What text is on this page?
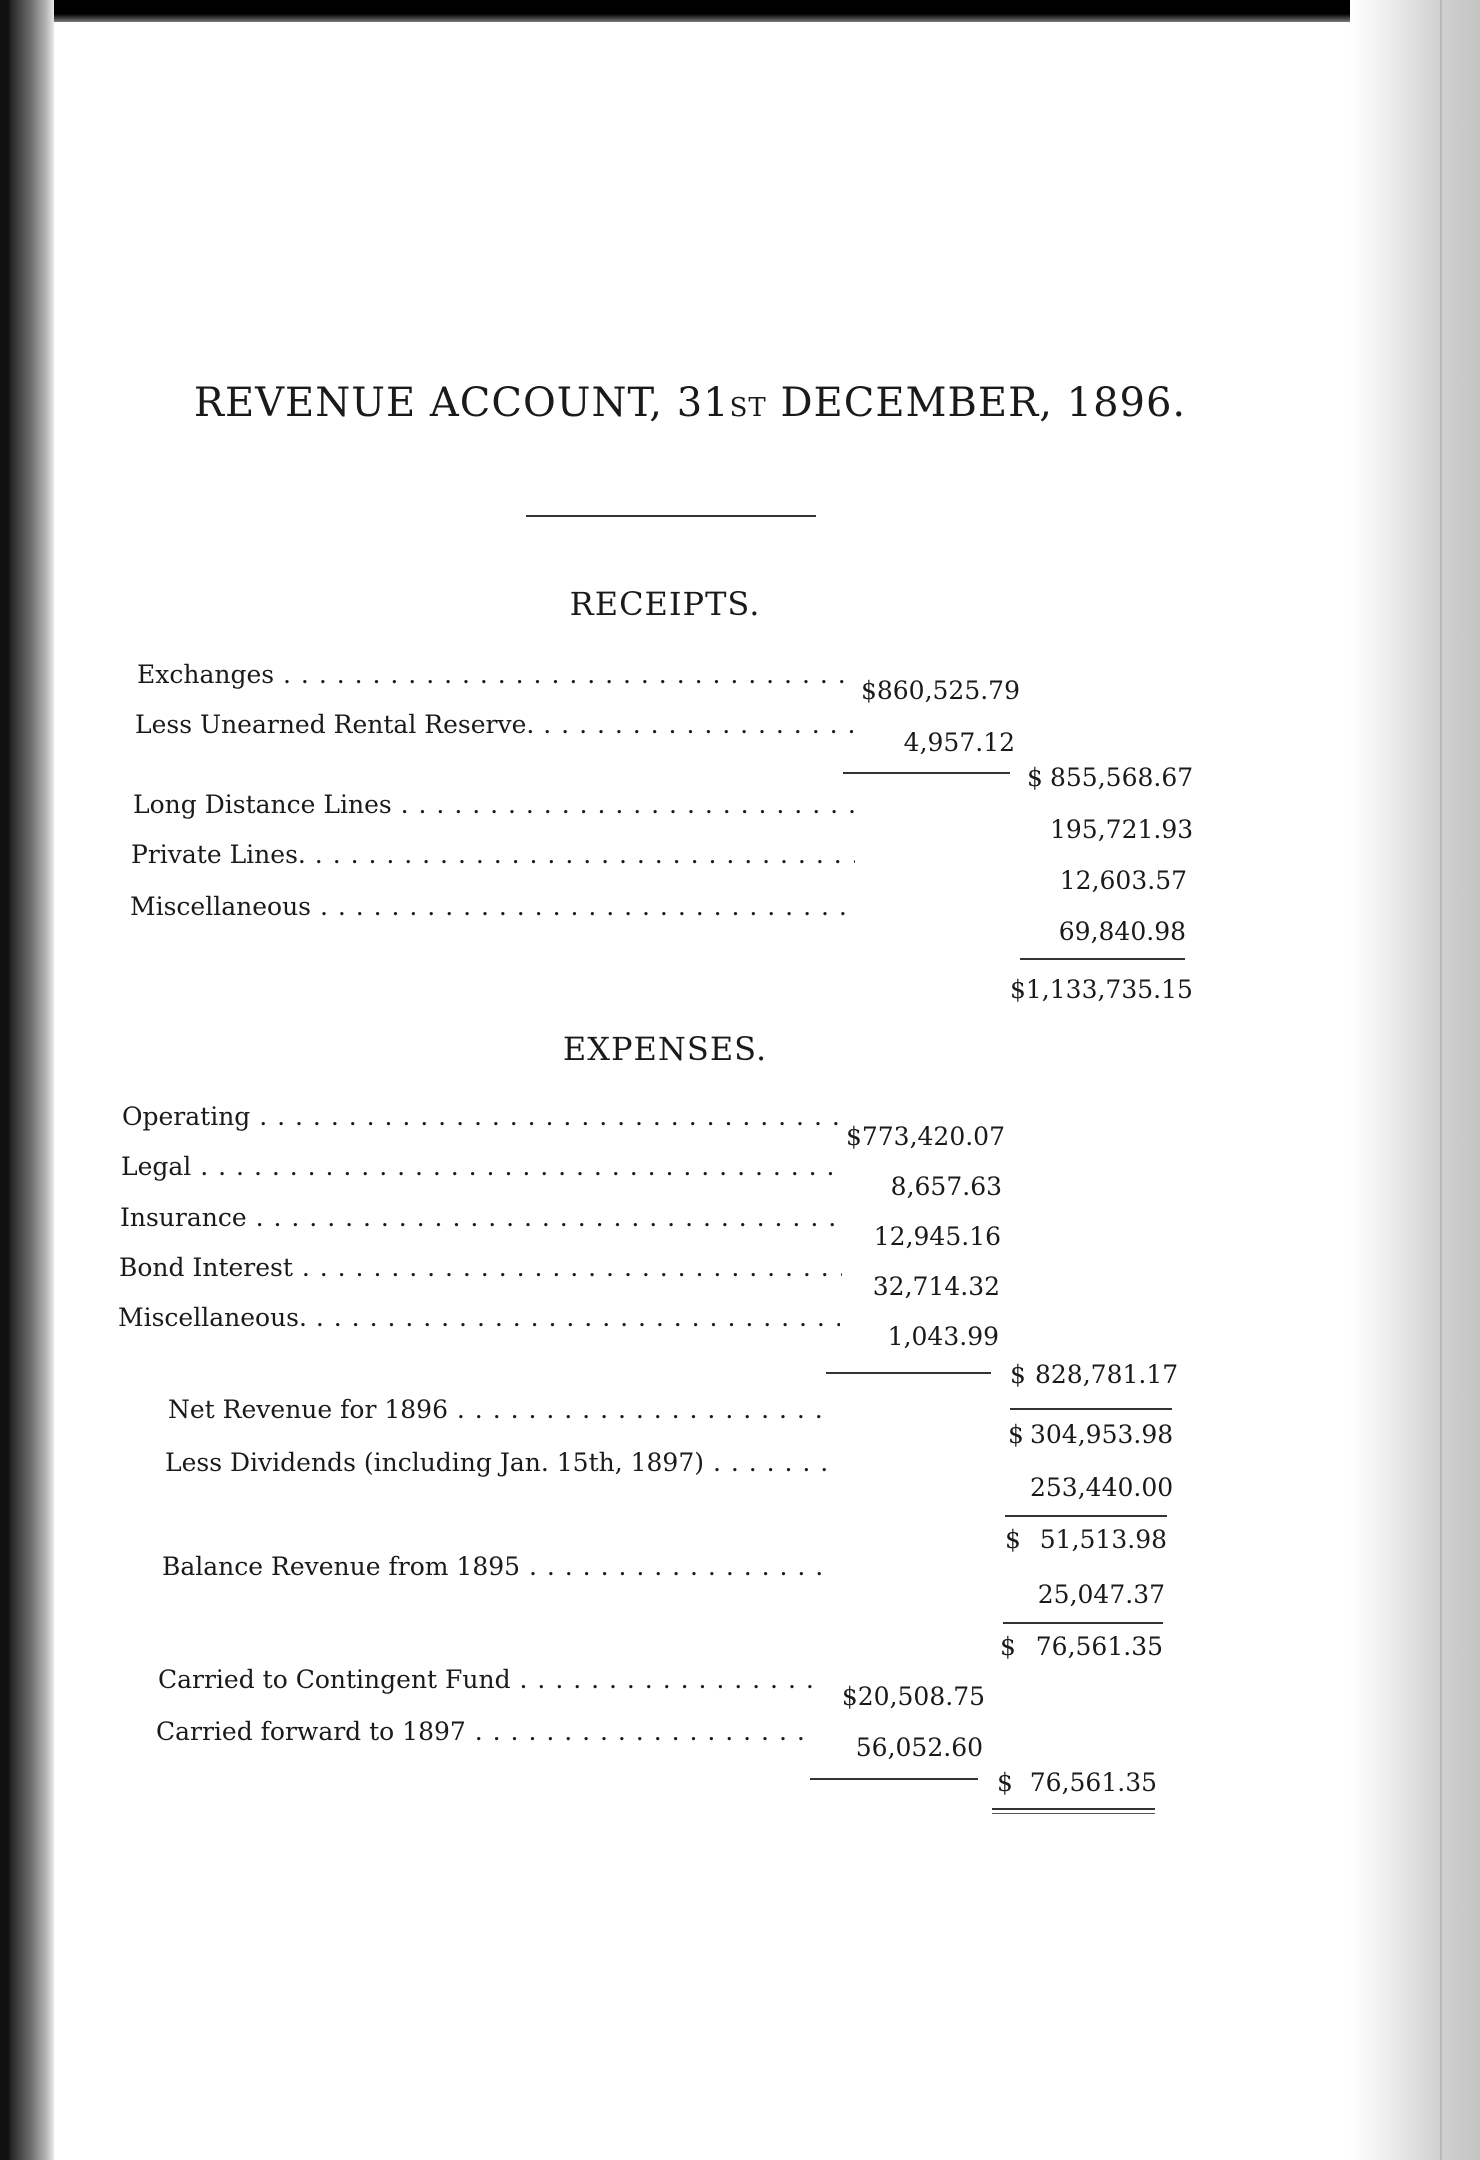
REVENUE ACCOUNT, 31ST DECEMBER, 1896.
RECEIPTS.
Exchanges . . .
$860,525.79
Less Unearned Rental Reserve. . . .
4,957.12
$ 855,568.67
Long Distance Lines . . .
195,721.93
Private Lines. . . .
12,603.57
Miscellaneous . . .
69,840.98
$1,133,735.15
EXPENSES.
Operating . . .
$773,420.07
Legal . . .
8,657.63
Insurance . . .
12,945.16
Bond Interest . . .
32,714.32
Miscellaneous. . . .
1,043.99
$ 828,781.17
Net Revenue for 1896 . . .
$ 304,953.98
Less Dividends (including Jan. 15th, 1897) . . .
253,440.00
$ 51,513.98
Balance Revenue from 1895 . . .
25,047.37
$ 76,561.35
Carried to Contingent Fund . . .
$20,508.75
Carried forward to 1897 . . .
56,052.60
$ 76,561.35
